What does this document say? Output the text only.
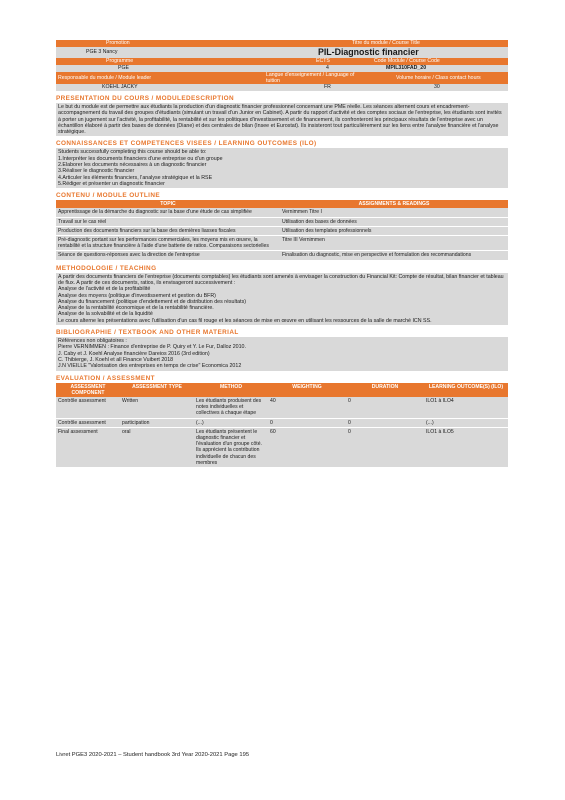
Promotion	Titre du module / Course Title
PGE 3 Nancy	PIL-Diagnostic financier
Programme	ECTS	Code Module / Course Code
PGE	4	MPIL310FAD_20
Responsable du module / Module leader	Langue d'enseignement / Language of tuition	Volume horaire / Class contact hours
KOEHL JACKY	FR	30
PRESENTATION DU COURS / MODULEDESCRIPTION

Le but du module est de permettre aux étudiants la production d'un diagnostic financier professionnel concernant une PME réelle. Les séances alternent cours et encadrement-accompagnement du travail des groupes d'étudiants (simulant un travail d'un Junior en Cabinet). A partir du rapport d'activité et des comptes sociaux de l'entreprise, les étudiants sont invités à porter un jugement sur l'activité, la profitabilité, la rentabilité et sur les politiques d'investissement et de financement, ils confronteront les principaux résultats de l'entreprise avec un échantillon élaboré à partir des bases de données (Diane) et des centrales de bilan (Insee et Eurostat). Ils insisteront tout particulièrement sur les liens entre l'analyse financière et l'analyse stratégique.

CONNAISSANCES ET COMPETENCES VISEES / LEARNING OUTCOMES (ILO)

Students successfully completing this course should be able to:

1.Interpréter les documents financiers d'une entreprise ou d'un groupe

2.Elaborer les documents nécessaires à un diagnostic financier

3.Réaliser le diagnostic financier

4.Articuler les éléments financiers, l'analyse stratégique et la RSE

5.Rédiger et présenter un diagnostic financier

CONTENU / MODULE OUTLINE
TOPIC	ASSIGNMENTS & READINGS
Apprentissage de la démarche du diagnostic sur la base d'une étude de cas simplifiée	Vernimmen Titre I
Travail sur le cas réel	Utilisation des bases de données
Production des documents financiers sur la base des dernières liasses fiscales	Utilisation des templates professionnels
Pré-diagnostic portant sur les performances commerciales, les moyens mis en œuvre, la rentabilité et la structure financière à l'aide d'une batterie de ratios. Comparaisons sectorielles	Titre III Vernimmen
Séance de questions-réponses avec la direction de l'entreprise	Finalisation du diagnostic, mise en perspective et formulation des recommandations
METHODOLOGIE / TEACHING

A partir des documents financiers de l'entreprise (documents comptables) les étudiants sont amenés à envisager la construction du Financial Kit: Compte de résultat, bilan financier et tableau de flux. A partir de ces documents, ratios, ils envisageront successivement :

Analyse de l'activité et de la profitabilité

Analyse des moyens (politique d'investissement et gestion du BFR)

Analyse du financement (politique d'endettement et de distribution des résultats)

Analyse de la rentabilité économique et de la rentabilité financière.

Analyse de la solvabilité et de la liquidité

Le cours alterne les présentations avec l'utilisation d'un cas fil rouge et les séances de mise en œuvre en utilisant les ressources de la salle de marché ICN SS.

BIBLIOGRAPHIE / TEXTBOOK AND OTHER MATERIAL

Références non obligatoires :

Pierre VERNIMMEN : Finance d'entreprise de P. Quiry et Y. Le Fur, Dalloz 2010.

J. Caby et J. Koehl Analyse financière Dareios 2016 (3rd edition)

C. Thibierge, J. Koehl et all Finance Vuibert 2018

J.N VIEILLE "Valorisation des entreprises en temps de crise" Economica 2012

EVALUATION / ASSESSMENT
ASSESSMENT COMPONENT	ASSESSMENT TYPE	METHOD	WEIGHTING	DURATION	LEARNING OUTCOME(S) (ILO)
Contrôle assessment	Written	Les étudiants produisent des notes individuelles et collectives à chaque étape	40	0	ILO1 à ILO4
Contrôle assessment	participation	(...)	0	0	(...)
Final assessment	oral	Les étudiants présentent le diagnostic financier et l'évaluation d'un groupe côté. Ils apprécient la contribution individuelle de chacun des membres	60	0	ILO1 à ILO5
Livret PGE3 2020-2021 – Student handbook 3rd Year 2020-2021 Page 195
